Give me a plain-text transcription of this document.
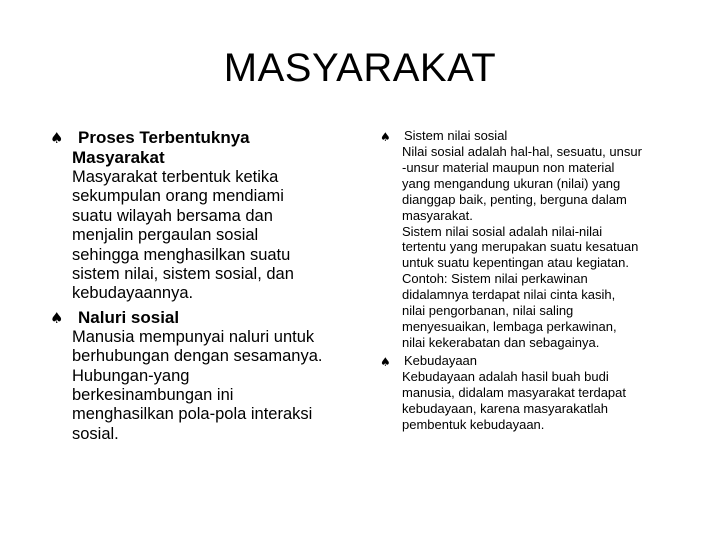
MASYARAKAT
♠ Proses Terbentuknya
Masyarakat
Masyarakat terbentuk ketika
sekumpulan orang mendiami
suatu wilayah bersama dan
menjalin pergaulan sosial
sehingga menghasilkan suatu
sistem nilai, sistem sosial, dan
kebudayaannya.
♠ Naluri sosial
Manusia mempunyai naluri untuk
berhubungan dengan sesamanya.
Hubungan-yang
berkesinambungan ini
menghasilkan pola-pola interaksi
sosial.
♠ Sistem nilai sosial
Nilai sosial adalah hal-hal, sesuatu, unsur
-unsur material maupun non material
yang mengandung ukuran (nilai) yang
dianggap baik, penting, berguna dalam
masyarakat.
Sistem nilai sosial adalah nilai-nilai
tertentu yang merupakan suatu kesatuan
untuk suatu kepentingan atau kegiatan.
Contoh: Sistem nilai perkawinan
didalamnya terdapat nilai cinta kasih,
nilai pengorbanan, nilai saling
menyesuaikan, lembaga perkawinan,
nilai kekerabatan dan sebagainya.
♠ Kebudayaan
Kebudayaan adalah hasil buah budi
manusia, didalam masyarakat terdapat
kebudayaan, karena masyarakatlah
pembentuk kebudayaan.
